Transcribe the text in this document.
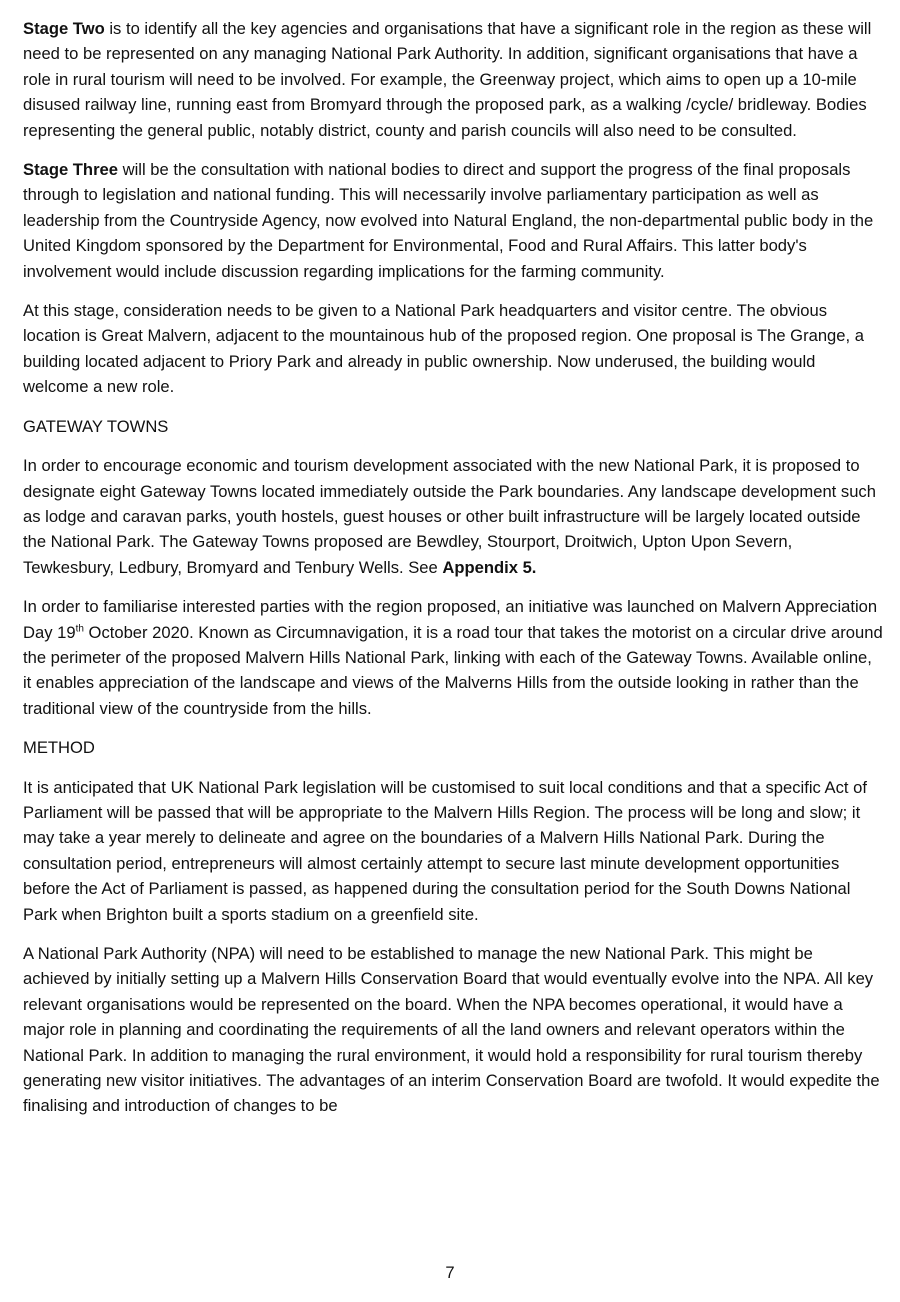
Stage Two is to identify all the key agencies and organisations that have a significant role in the region as these will need to be represented on any managing National Park Authority. In addition, significant organisations that have a role in rural tourism will need to be involved. For example, the Greenway project, which aims to open up a 10-mile disused railway line, running east from Bromyard through the proposed park, as a walking /cycle/ bridleway. Bodies representing the general public, notably district, county and parish councils will also need to be consulted.

Stage Three will be the consultation with national bodies to direct and support the progress of the final proposals through to legislation and national funding. This will necessarily involve parliamentary participation as well as leadership from the Countryside Agency, now evolved into Natural England, the non-departmental public body in the United Kingdom sponsored by the Department for Environmental, Food and Rural Affairs. This latter body's involvement would include discussion regarding implications for the farming community.

At this stage, consideration needs to be given to a National Park headquarters and visitor centre. The obvious location is Great Malvern, adjacent to the mountainous hub of the proposed region. One proposal is The Grange, a building located adjacent to Priory Park and already in public ownership. Now underused, the building would welcome a new role.

GATEWAY TOWNS

In order to encourage economic and tourism development associated with the new National Park, it is proposed to designate eight Gateway Towns located immediately outside the Park boundaries. Any landscape development such as lodge and caravan parks, youth hostels, guest houses or other built infrastructure will be largely located outside the National Park. The Gateway Towns proposed are Bewdley, Stourport, Droitwich, Upton Upon Severn, Tewkesbury, Ledbury, Bromyard and Tenbury Wells. See Appendix 5.

In order to familiarise interested parties with the region proposed, an initiative was launched on Malvern Appreciation Day 19th October 2020. Known as Circumnavigation, it is a road tour that takes the motorist on a circular drive around the perimeter of the proposed Malvern Hills National Park, linking with each of the Gateway Towns. Available online, it enables appreciation of the landscape and views of the Malverns Hills from the outside looking in rather than the traditional view of the countryside from the hills.

METHOD

It is anticipated that UK National Park legislation will be customised to suit local conditions and that a specific Act of Parliament will be passed that will be appropriate to the Malvern Hills Region. The process will be long and slow; it may take a year merely to delineate and agree on the boundaries of a Malvern Hills National Park. During the consultation period, entrepreneurs will almost certainly attempt to secure last minute development opportunities before the Act of Parliament is passed, as happened during the consultation period for the South Downs National Park when Brighton built a sports stadium on a greenfield site.

A National Park Authority (NPA) will need to be established to manage the new National Park. This might be achieved by initially setting up a Malvern Hills Conservation Board that would eventually evolve into the NPA. All key relevant organisations would be represented on the board. When the NPA becomes operational, it would have a major role in planning and coordinating the requirements of all the land owners and relevant operators within the National Park. In addition to managing the rural environment, it would hold a responsibility for rural tourism thereby generating new visitor initiatives. The advantages of an interim Conservation Board are twofold. It would expedite the finalising and introduction of changes to be

7
